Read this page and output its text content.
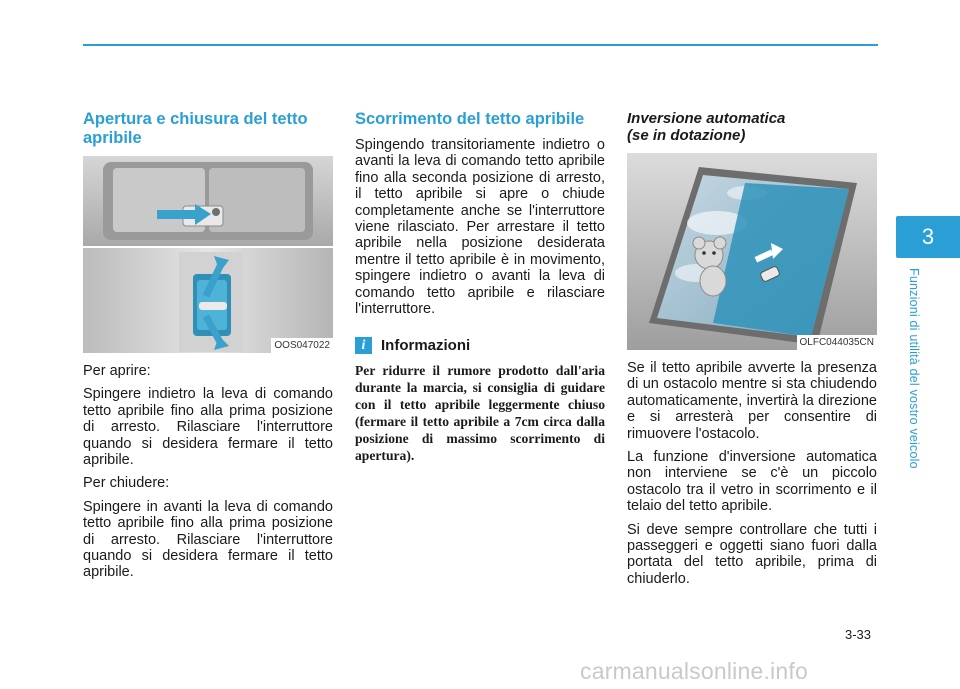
3
Funzioni di utilità del vostro veicolo
Apertura e chiusura del tetto apribile
OOS047022

Per aprire:

Spingere indietro la leva di comando tetto apribile fino alla prima posizione di arresto. Rilasciare l'interruttore quando si desidera fermare il tetto apribile.

Per chiudere:

Spingere in avanti la leva di comando tetto apribile fino alla prima posizione di arresto. Rilasciare l'interruttore quando si desidera fermare il tetto apribile.

Scorrimento del tetto apribile

Spingendo transitoriamente indietro o avanti la leva di comando tetto apribile fino alla seconda posizione di arresto, il tetto apribile si apre o chiude completamente anche se l'interruttore viene rilasciato. Per arrestare il tetto apribile nella posizione desiderata mentre il tetto apribile è in movimento, spingere indietro o avanti la leva di comando tetto apribile e rilasciare l'interruttore.

i	Informazioni

Per ridurre il rumore prodotto dall'aria durante la marcia, si consiglia di guidare con il tetto apribile leggermente chiuso (fermare il tetto apribile a 7cm circa dalla posizione di massimo scorrimento di apertura).

Inversione automatica
(se in dotazione)
OLFC044035CN

Se il tetto apribile avverte la presenza di un ostacolo mentre si sta chiudendo automaticamente, invertirà la direzione e si arresterà per consentire di rimuovere l'ostacolo.

La funzione d'inversione automatica non interviene se c'è un piccolo ostacolo tra il vetro in scorrimento e il telaio del tetto apribile.

Si deve sempre controllare che tutti i passeggeri e oggetti siano fuori dalla portata del tetto apribile, prima di chiuderlo.

3-33
carmanualsonline.info
